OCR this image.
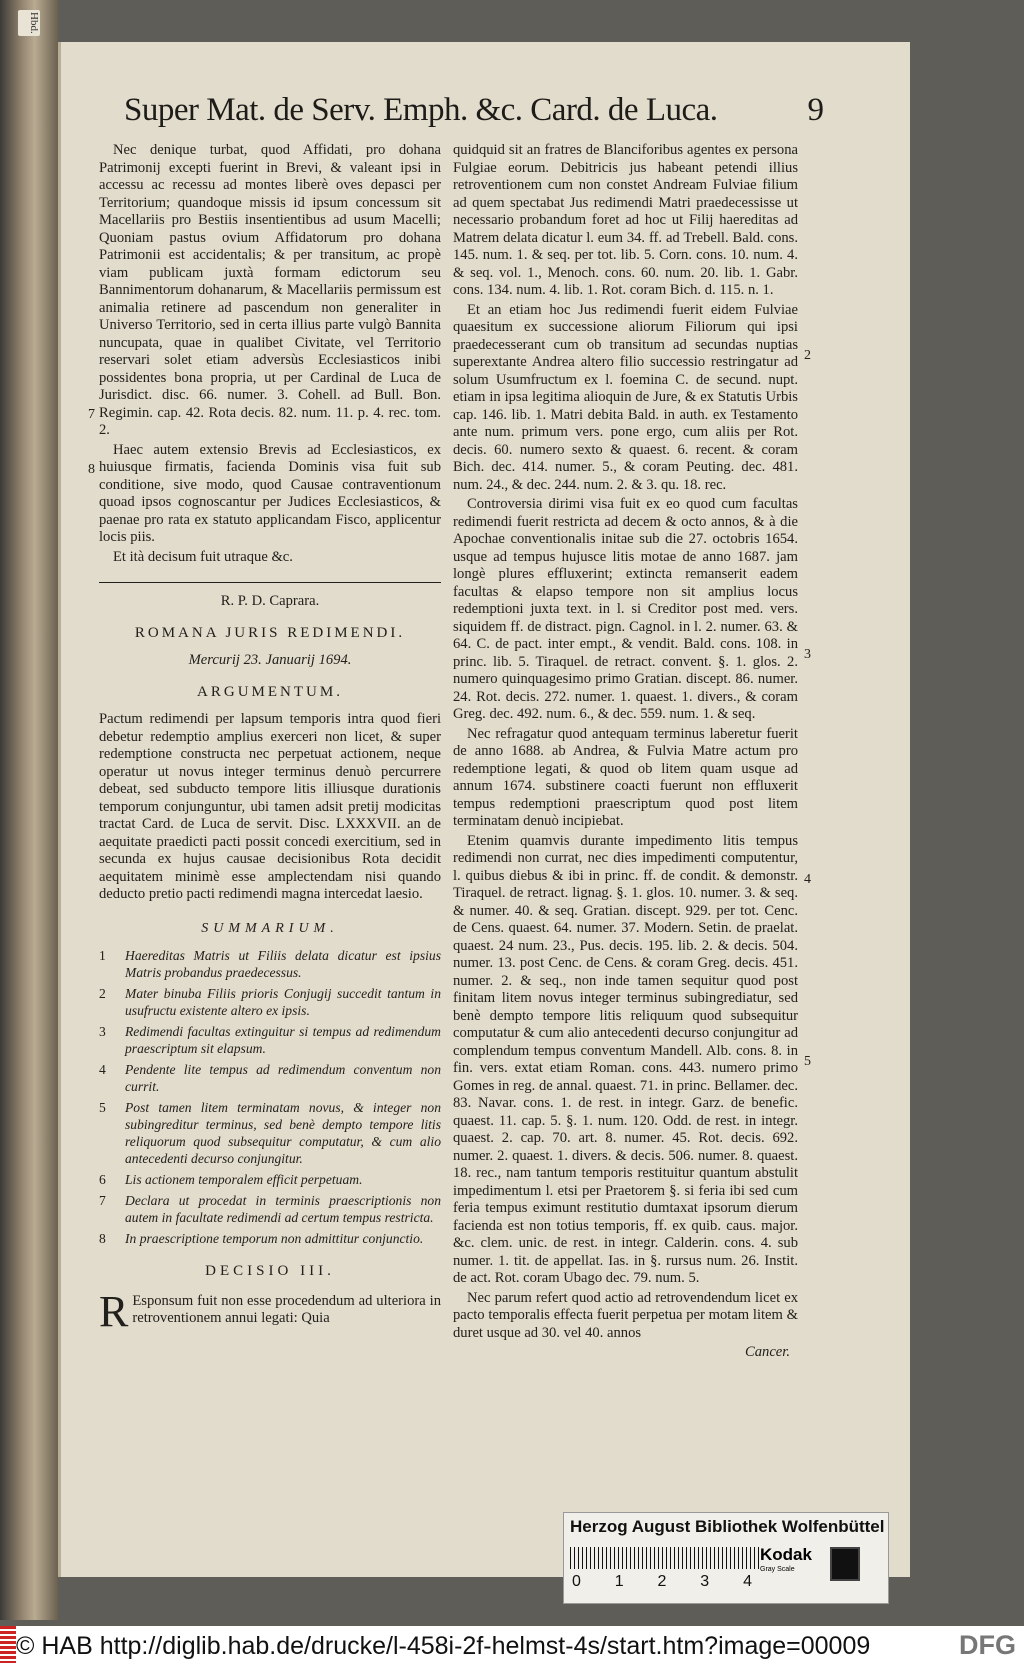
Hbd.
Super Mat. de Serv. Emph. &c. Card. de Luca.	9

Nec denique turbat, quod Affidati, pro dohana Patrimonij excepti fuerint in Brevi, & valeant ipsi in accessu ac recessu ad montes liberè oves depasci per Territorium; quandoque missis id ipsum concessum sit Macellariis pro Bestiis insentientibus ad usum Macelli; Quoniam pastus ovium Affidatorum pro dohana Patrimonii est accidentalis; & per transitum, ac propè viam publicam juxtà formam edictorum seu Bannimentorum dohanarum, & Macellariis permissum est animalia retinere ad pascendum non generaliter in Universo Territorio, sed in certa illius parte vulgò Bannita nuncupata, quae in qualibet Civitate, vel Territorio reservari solet etiam adversùs Ecclesiasticos inibi possidentes bona propria, ut per Cardinal de Luca de Jurisdict. disc. 66. numer. 3. Cohell. ad Bull. Bon. Regimin. cap. 42. Rota decis. 82. num. 11. p. 4. rec. tom. 2.

Haec autem extensio Brevis ad Ecclesiasticos, ex huiusque firmatis, facienda Dominis visa fuit sub conditione, sive modo, quod Causae contraventionum quoad ipsos cognoscantur per Judices Ecclesiasticos, & paenae pro rata ex statuto applicandam Fisco, applicentur locis piis.

Et ità decisum fuit utraque &c.

R. P. D. Caprara.

ROMANA JURIS REDIMENDI.

Mercurij 23. Januarij 1694.

ARGUMENTUM.

Pactum redimendi per lapsum temporis intra quod fieri debetur redemptio amplius exerceri non licet, & super redemptione constructa nec perpetuat actionem, neque operatur ut novus integer terminus denuò percurrere debeat, sed subducto tempore litis illiusque durationis temporum conjunguntur, ubi tamen adsit pretij modicitas tractat Card. de Luca de servit. Disc. LXXXVII. an de aequitate praedicti pacti possit concedi exercitium, sed in secunda ex hujus causae decisionibus Rota decidit aequitatem minimè esse amplectendam nisi quando deducto pretio pacti redimendi magna intercedat laesio.

SUMMARIUM.

1	Haereditas Matris ut Filiis delata dicatur est ipsius Matris probandus praedecessus.
2	Mater binuba Filiis prioris Conjugij succedit tantum in usufructu existente altero ex ipsis.
3	Redimendi facultas extinguitur si tempus ad redimendum praescriptum sit elapsum.
4	Pendente lite tempus ad redimendum conventum non currit.
5	Post tamen litem terminatam novus, & integer non subingreditur terminus, sed benè dempto tempore litis reliquorum quod subsequitur computatur, & cum alio antecedenti decurso conjungitur.
6	Lis actionem temporalem efficit perpetuam.
7	Declara ut procedat in terminis praescriptionis non autem in facultate redimendi ad certum tempus restricta.
8	In praescriptione temporum non admittitur conjunctio.

DECISIO III.

R Esponsum fuit non esse procedendum ad ulteriora in retroventionem annui legati: Quia

quidquid sit an fratres de Blanciforibus agentes ex persona Fulgiae eorum. Debitricis jus habeant petendi illius retroventionem cum non constet Andream Fulviae filium ad quem spectabat Jus redimendi Matri praedecessisse ut necessario probandum foret ad hoc ut Filij haereditas ad Matrem delata dicatur l. eum 34. ff. ad Trebell. Bald. cons. 145. num. 1. & seq. per tot. lib. 5. Corn. cons. 10. num. 4. & seq. vol. 1., Menoch. cons. 60. num. 20. lib. 1. Gabr. cons. 134. num. 4. lib. 1. Rot. coram Bich. d. 115. n. 1.

Et an etiam hoc Jus redimendi fuerit eidem Fulviae quaesitum ex successione aliorum Filiorum qui ipsi praedecesserant cum ob transitum ad secundas nuptias superextante Andrea altero filio successio restringatur ad solum Usumfructum ex l. foemina C. de secund. nupt. etiam in ipsa legitima alioquin de Jure, & ex Statutis Urbis cap. 146. lib. 1. Matri debita Bald. in auth. ex Testamento ante num. primum vers. pone ergo, cum aliis per Rot. decis. 60. numero sexto & quaest. 6. recent. & coram Bich. dec. 414. numer. 5., & coram Peuting. dec. 481. num. 24., & dec. 244. num. 2. & 3. qu. 18. rec.

Controversia dirimi visa fuit ex eo quod cum facultas redimendi fuerit restricta ad decem & octo annos, & à die Apochae conventionalis initae sub die 27. octobris 1654. usque ad tempus hujusce litis motae de anno 1687. jam longè plures effluxerint; extincta remanserit eadem facultas & elapso tempore non sit amplius locus redemptioni juxta text. in l. si Creditor post med. vers. siquidem ff. de distract. pign. Cagnol. in l. 2. numer. 63. & 64. C. de pact. inter empt., & vendit. Bald. cons. 108. in princ. lib. 5. Tiraquel. de retract. convent. §. 1. glos. 2. numero quinquagesimo primo Gratian. discept. 86. numer. 24. Rot. decis. 272. numer. 1. quaest. 1. divers., & coram Greg. dec. 492. num. 6., & dec. 559. num. 1. & seq.

Nec refragatur quod antequam terminus laberetur fuerit de anno 1688. ab Andrea, & Fulvia Matre actum pro redemptione legati, & quod ob litem quam usque ad annum 1674. substinere coacti fuerunt non effluxerit tempus redemptioni praescriptum quod post litem terminatam denuò incipiebat.

Etenim quamvis durante impedimento litis tempus redimendi non currat, nec dies impedimenti computentur, l. quibus diebus & ibi in princ. ff. de condit. & demonstr. Tiraquel. de retract. lignag. §. 1. glos. 10. numer. 3. & seq. & numer. 40. & seq. Gratian. discept. 929. per tot. Cenc. de Cens. quaest. 64. numer. 37. Modern. Setin. de praelat. quaest. 24 num. 23., Pus. decis. 195. lib. 2. & decis. 504. numer. 13. post Cenc. de Cens. & coram Greg. decis. 451. numer. 2. & seq., non inde tamen sequitur quod post finitam litem novus integer terminus subingrediatur, sed benè dempto tempore litis reliquum quod subsequitur computatur & cum alio antecedenti decurso conjungitur ad complendum tempus conventum Mandell. Alb. cons. 8. in fin. vers. extat etiam Roman. cons. 443. numero primo Gomes in reg. de annal. quaest. 71. in princ. Bellamer. dec. 83. Navar. cons. 1. de rest. in integr. Garz. de benefic. quaest. 11. cap. 5. §. 1. num. 120. Odd. de rest. in integr. quaest. 2. cap. 70. art. 8. numer. 45. Rot. decis. 692. numer. 2. quaest. 1. divers. & decis. 506. numer. 8. quaest. 18. rec., nam tantum temporis restituitur quantum abstulit impedimentum l. etsi per Praetorem §. si feria ibi sed cum feria tempus eximunt restitutio dumtaxat ipsorum dierum facienda est non totius temporis, ff. ex quib. caus. major. &c. clem. unic. de rest. in integr. Calderin. cons. 4. sub numer. 1. tit. de appellat. Ias. in §. rursus num. 26. Instit. de act. Rot. coram Ubago dec. 79. num. 5.

Nec parum refert quod actio ad retrovendendum licet ex pacto temporalis effecta fuerit perpetua per motam litem & duret usque ad 30. vel 40. annos

Cancer.
7
8
2
3
4
5
Herzog August Bibliothek Wolfenbüttel
0 1 2 3 4
Kodak
Gray Scale
© HAB http://diglib.hab.de/drucke/l-458i-2f-helmst-4s/start.htm?image=00009	DFG
